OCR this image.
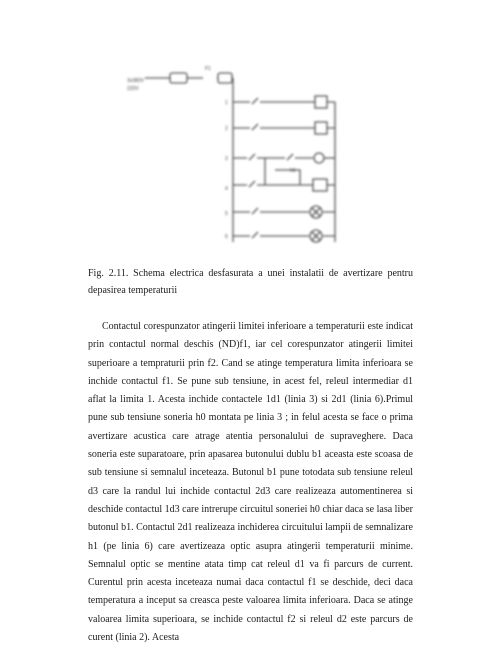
3x380V
220V
F1
1
2
3
4
5
6
h0

Fig. 2.11. Schema electrica desfasurata a unei instalatii de avertizare pentru depasirea temperaturii

Contactul corespunzator atingerii limitei inferioare a temperaturii este indicat prin contactul normal deschis (ND)f1, iar cel corespunzator atingerii limitei superioare a tempraturii prin f2. Cand se atinge temperatura limita inferioara se inchide contactul f1. Se pune sub tensiune, in acest fel, releul intermediar d1 aflat la limita 1. Acesta inchide contactele 1d1 (linia 3) si 2d1 (linia 6).Primul pune sub tensiune soneria h0 montata pe linia 3 ; in felul acesta se face o prima avertizare acustica care atrage atentia personalului de supraveghere. Daca soneria este suparatoare, prin apasarea butonului dublu b1 aceasta este scoasa de sub tensiune si semnalul inceteaza. Butonul b1 pune totodata sub tensiune releul d3 care la randul lui inchide contactul 2d3 care realizeaza automentinerea si deschide contactul 1d3 care intrerupe circuitul soneriei h0 chiar daca se lasa liber butonul b1. Contactul 2d1 realizeaza inchiderea circuitului lampii de semnalizare h1 (pe linia 6) care avertizeaza optic asupra atingerii temperaturii minime. Semnalul optic se mentine atata timp cat releul d1 va fi parcurs de current. Curentul prin acesta inceteaza numai daca contactul f1 se deschide, deci daca temperatura a inceput sa creasca peste valoarea limita inferioara. Daca se atinge valoarea limita superioara, se inchide contactul f2 si releul d2 este parcurs de curent (linia 2). Acesta
